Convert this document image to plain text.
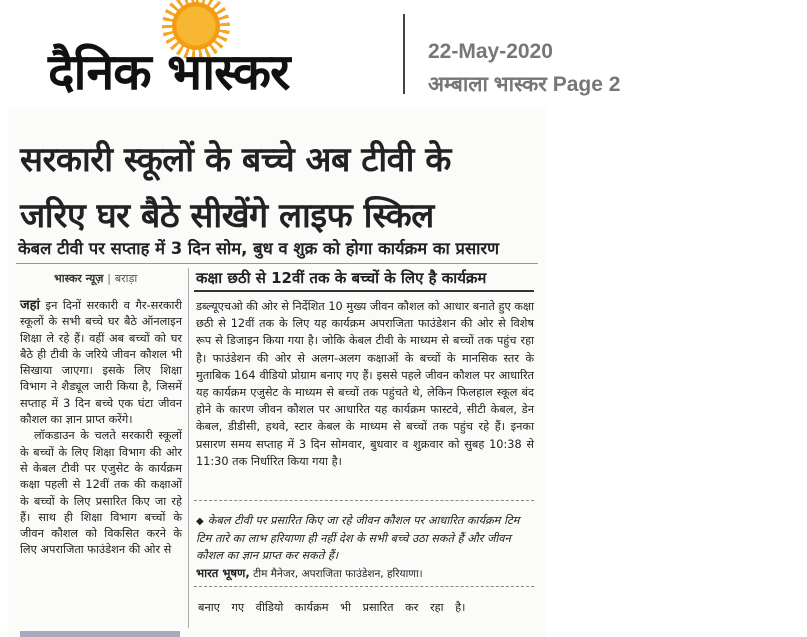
दैनिक भास्कर	22-May-2020
अम्बाला भास्कर Page 2
सरकारी स्कूलों के बच्चे अब टीवी के
जरिए घर बैठे सीखेंगे लाइफ स्किल
केबल टीवी पर सप्ताह में 3 दिन सोम, बुध व शुक्र को होगा कार्यक्रम का प्रसारण
भास्कर न्यूज़ | बराड़ा

जहां इन दिनों सरकारी व गैर-सरकारी स्कूलों के सभी बच्चे घर बैठे ऑनलाइन शिक्षा ले रहे हैं। वहीं अब बच्चों को घर बैठे ही टीवी के जरिये जीवन कौशल भी सिखाया जाएगा। इसके लिए शिक्षा विभाग ने शैड्यूल जारी किया है, जिसमें सप्ताह में 3 दिन बच्चे एक घंटा जीवन कौशल का ज्ञान प्राप्त करेंगे।

लॉकडाउन के चलते सरकारी स्कूलों के बच्चों के लिए शिक्षा विभाग की ओर से केबल टीवी पर एजुसेट के कार्यक्रम कक्षा पहली से 12वीं तक की कक्षाओं के बच्चों के लिए प्रसारित किए जा रहे हैं। साथ ही शिक्षा विभाग बच्चों के जीवन कौशल को विकसित करने के लिए अपराजिता फाउंडेशन की ओर से

कक्षा छठी से 12वीं तक के बच्चों के लिए है कार्यक्रम

डब्ल्यूएचओ की ओर से निर्देशित 10 मुख्य जीवन कौशल को आधार बनाते हुए कक्षा छठी से 12वीं तक के लिए यह कार्यक्रम अपराजिता फाउंडेशन की ओर से विशेष रूप से डिजाइन किया गया है। जोकि केबल टीवी के माध्यम से बच्चों तक पहुंच रहा है। फाउंडेशन की ओर से अलग-अलग कक्षाओं के बच्चों के मानसिक स्तर के मुताबिक 164 वीडियो प्रोग्राम बनाए गए हैं। इससे पहले जीवन कौशल पर आधारित यह कार्यक्रम एजुसेट के माध्यम से बच्चों तक पहुंचते थे, लेकिन फिलहाल स्कूल बंद होने के कारण जीवन कौशल पर आधारित यह कार्यक्रम फास्टवे, सीटी केबल, डेन केबल, डीडीसी, हथवे, स्टार केबल के माध्यम से बच्चों तक पहुंच रहे हैं। इनका प्रसारण समय सप्ताह में 3 दिन सोमवार, बुधवार व शुक्रवार को सुबह 10:38 से 11:30 तक निर्धारित किया गया है।

◆ केबल टीवी पर प्रसारित किए जा रहे जीवन कौशल पर आधारित कार्यक्रम टिम टिम तारे का लाभ हरियाणा ही नहीं देश के सभी बच्चे उठा सकते हैं और जीवन कौशल का ज्ञान प्राप्त कर सकते हैं।
भारत भूषण, टीम मैनेजर, अपराजिता फाउंडेशन, हरियाणा।
बनाए गए वीडियो कार्यक्रम भी प्रसारित कर रहा है।
